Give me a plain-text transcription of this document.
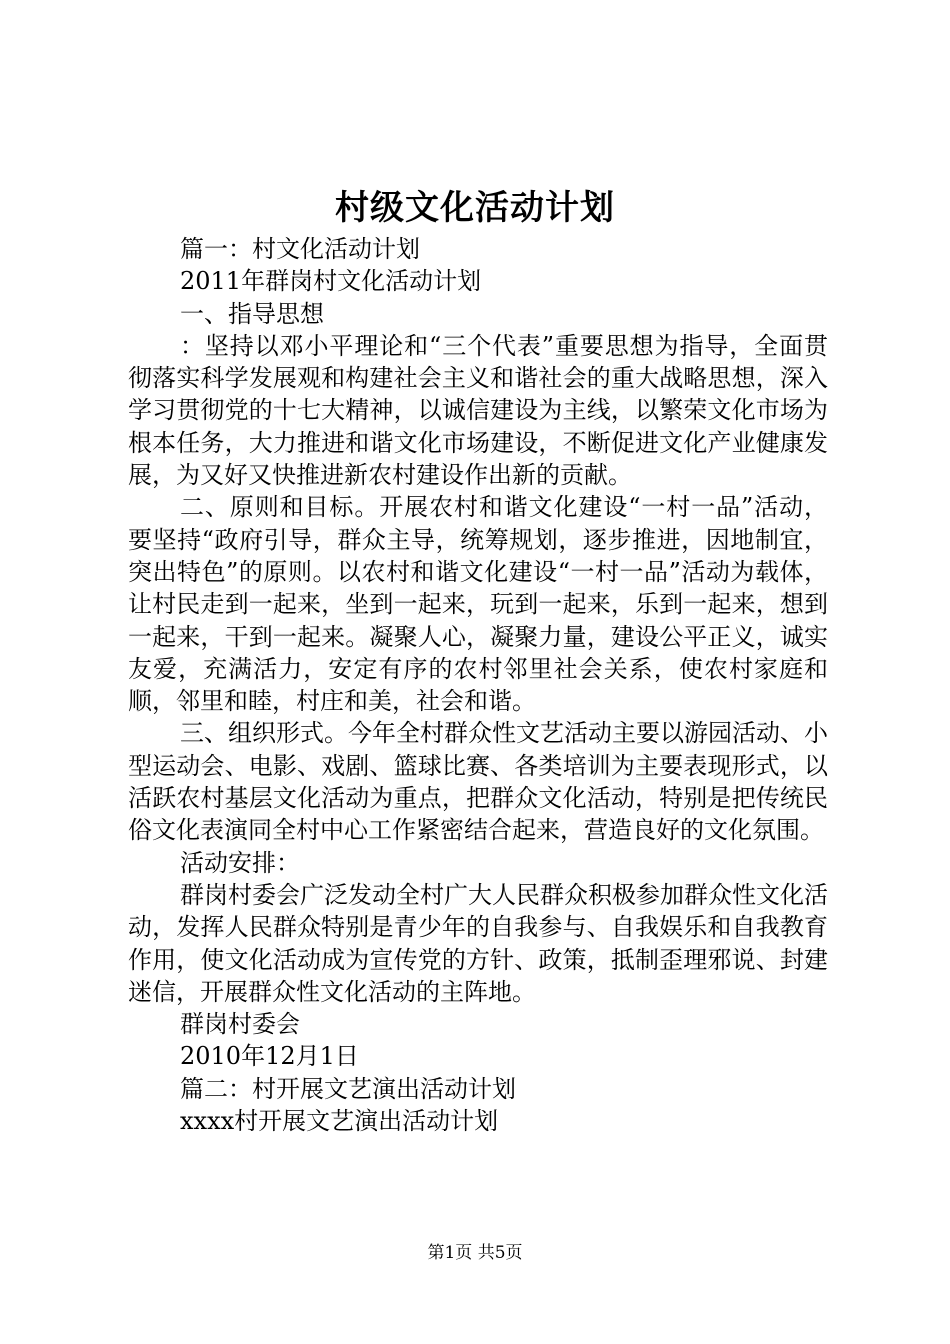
村级文化活动计划

篇一：村文化活动计划

2011年群岗村文化活动计划

一、指导思想

：坚持以邓小平理论和“三个代表”重要思想为指导，全面贯彻落实科学发展观和构建社会主义和谐社会的重大战略思想，深入学习贯彻党的十七大精神，以诚信建设为主线，以繁荣文化市场为根本任务，大力推进和谐文化市场建设，不断促进文化产业健康发展，为又好又快推进新农村建设作出新的贡献。

二、原则和目标。开展农村和谐文化建设“一村一品”活动，要坚持“政府引导，群众主导，统筹规划，逐步推进，因地制宜，突出特色”的原则。以农村和谐文化建设“一村一品”活动为载体，让村民走到一起来，坐到一起来，玩到一起来，乐到一起来，想到一起来，干到一起来。凝聚人心，凝聚力量，建设公平正义，诚实友爱，充满活力，安定有序的农村邻里社会关系，使农村家庭和顺，邻里和睦，村庄和美，社会和谐。

三、组织形式。今年全村群众性文艺活动主要以游园活动、小型运动会、电影、戏剧、篮球比赛、各类培训为主要表现形式，以活跃农村基层文化活动为重点，把群众文化活动，特别是把传统民俗文化表演同全村中心工作紧密结合起来，营造良好的文化氛围。

活动安排：

群岗村委会广泛发动全村广大人民群众积极参加群众性文化活动，发挥人民群众特别是青少年的自我参与、自我娱乐和自我教育作用，使文化活动成为宣传党的方针、政策，抵制歪理邪说、封建迷信，开展群众性文化活动的主阵地。

群岗村委会

2010年12月1日

篇二：村开展文艺演出活动计划

xxxx村开展文艺演出活动计划

第1页 共5页
